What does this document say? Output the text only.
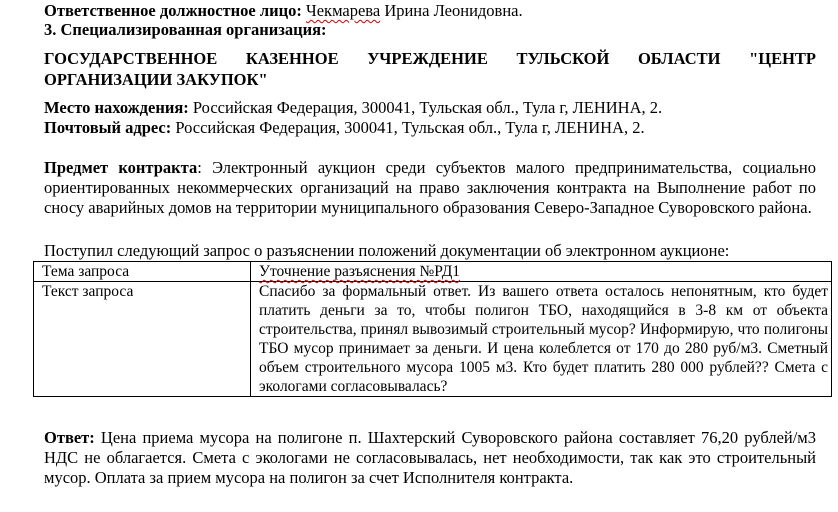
Ответственное должностное лицо: Чекмарева Ирина Леонидовна.
3. Специализированная организация:
ГОСУДАРСТВЕННОЕ КАЗЕННОЕ УЧРЕЖДЕНИЕ ТУЛЬСКОЙ ОБЛАСТИ "ЦЕНТР ОРГАНИЗАЦИИ ЗАКУПОК"
Место нахождения: Российская Федерация, 300041, Тульская обл., Тула г, ЛЕНИНА, 2.
Почтовый адрес: Российская Федерация, 300041, Тульская обл., Тула г, ЛЕНИНА, 2.
Предмет контракта: Электронный аукцион среди субъектов малого предпринимательства, социально ориентированных некоммерческих организаций на право заключения контракта на Выполнение работ по сносу аварийных домов на территории муниципального образования Северо-Западное Суворовского района.
Поступил следующий запрос о разъяснении положений документации об электронном аукционе:
Тема запроса	Уточнение разъяснения №РД1
Текст запроса	Спасибо за формальный ответ. Из вашего ответа осталось непонятным, кто будет платить деньги за то, чтобы полигон ТБО, находящийся в 3-8 км от объекта строительства, принял вывозимый строительный мусор? Информирую, что полигоны ТБО мусор принимает за деньги. И цена колеблется от 170 до 280 руб/м3. Сметный объем строительного мусора 1005 м3. Кто будет платить 280 000 рублей?? Смета с экологами согласовывалась?
Ответ: Цена приема мусора на полигоне п. Шахтерский Суворовского района составляет 76,20 рублей/м3 НДС не облагается. Смета с экологами не согласовывалась, нет необходимости, так как это строительный мусор. Оплата за прием мусора на полигон за счет Исполнителя контракта.
